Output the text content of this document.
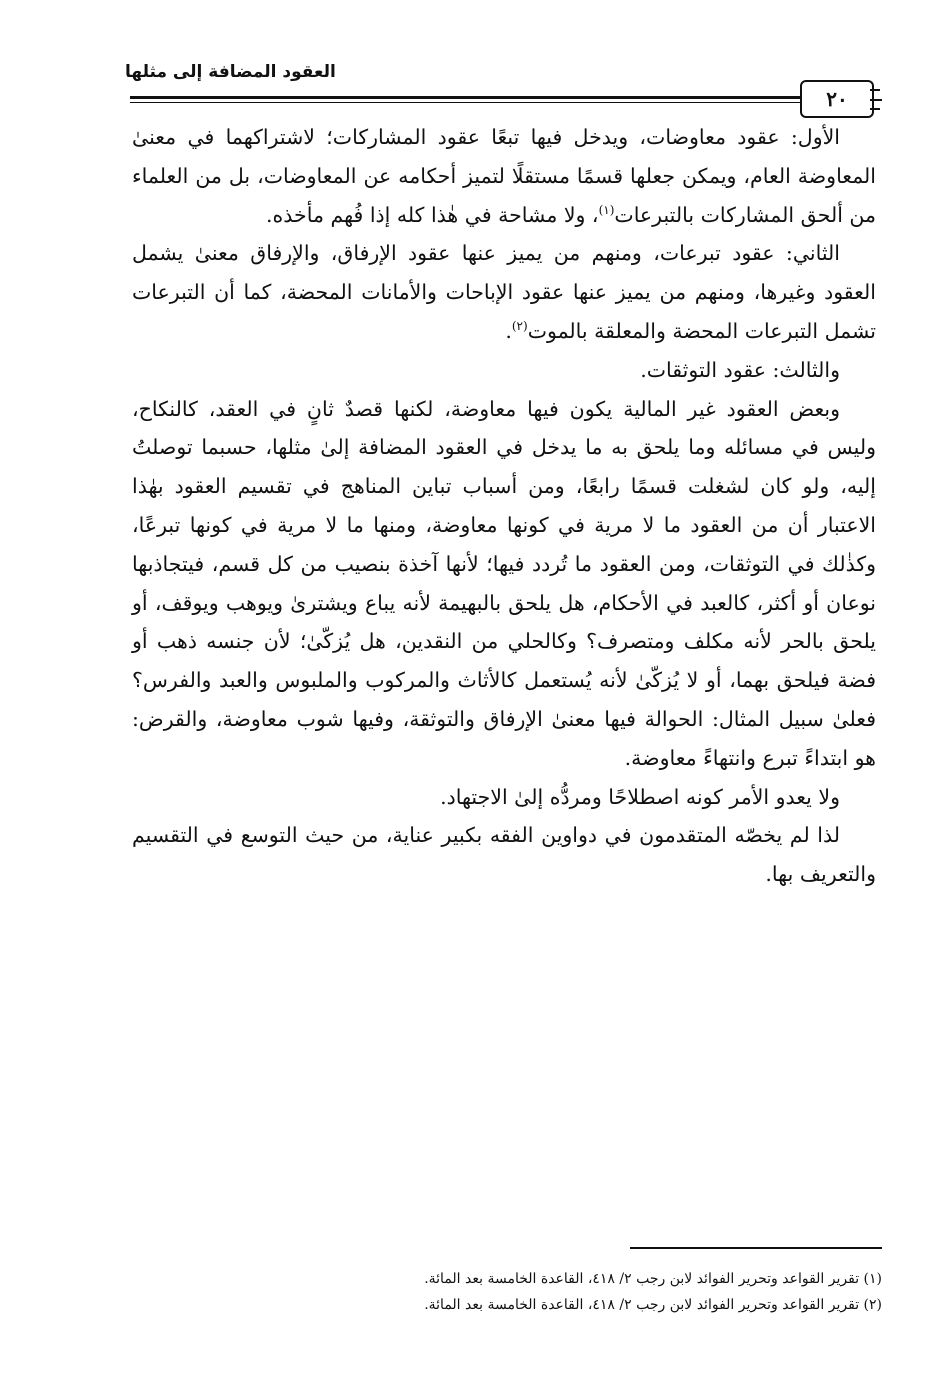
العقود المضافة إلى مثلها
٢٠

الأول: عقود معاوضات، ويدخل فيها تبعًا عقود المشاركات؛ لاشتراكهما في معنىٰ المعاوضة العام، ويمكن جعلها قسمًا مستقلًا لتميز أحكامه عن المعاوضات، بل من العلماء من ألحق المشاركات بالتبرعات$^{(١)}$، ولا مشاحة في هٰذا كله إذا فُهم مأخذه.

الثاني: عقود تبرعات، ومنهم من يميز عنها عقود الإرفاق، والإرفاق معنىٰ يشمل العقود وغيرها، ومنهم من يميز عنها عقود الإباحات والأمانات المحضة، كما أن التبرعات تشمل التبرعات المحضة والمعلقة بالموت$^{(٢)}$.

والثالث: عقود التوثقات.

وبعض العقود غير المالية يكون فيها معاوضة، لكنها قصدٌ ثانٍ في العقد، كالنكاح، وليس في مسائله وما يلحق به ما يدخل في العقود المضافة إلىٰ مثلها، حسبما توصلتُ إليه، ولو كان لشغلت قسمًا رابعًا، ومن أسباب تباين المناهج في تقسيم العقود بهٰذا الاعتبار أن من العقود ما لا مرية في كونها معاوضة، ومنها ما لا مرية في كونها تبرعًا، وكذٰلك في التوثقات، ومن العقود ما تُردد فيها؛ لأنها آخذة بنصيب من كل قسم، فيتجاذبها نوعان أو أكثر، كالعبد في الأحكام، هل يلحق بالبهيمة لأنه يباع ويشترىٰ ويوهب ويوقف، أو يلحق بالحر لأنه مكلف ومتصرف؟ وكالحلي من النقدين، هل يُزكّىٰ؛ لأن جنسه ذهب أو فضة فيلحق بهما، أو لا يُزكّىٰ لأنه يُستعمل كالأثاث والمركوب والملبوس والعبد والفرس؟ فعلىٰ سبيل المثال: الحوالة فيها معنىٰ الإرفاق والتوثقة، وفيها شوب معاوضة، والقرض: هو ابتداءً تبرع وانتهاءً معاوضة.

ولا يعدو الأمر كونه اصطلاحًا ومردُّه إلىٰ الاجتهاد.

لذا لم يخصّه المتقدمون في دواوين الفقه بكبير عناية، من حيث التوسع في التقسيم والتعريف بها.

(١) تقرير القواعد وتحرير الفوائد لابن رجب ٢/ ٤١٨، القاعدة الخامسة بعد المائة.

(٢) تقرير القواعد وتحرير الفوائد لابن رجب ٢/ ٤١٨، القاعدة الخامسة بعد المائة.
